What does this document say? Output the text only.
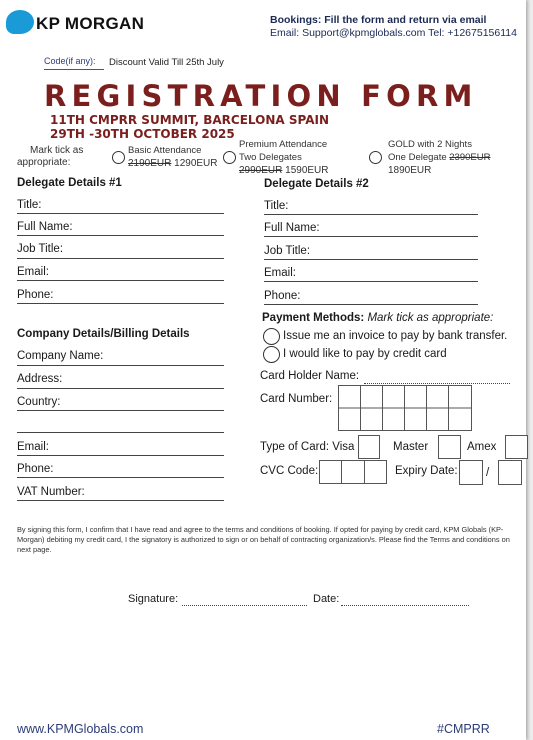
KP MORGAN	Bookings: Fill the form and return via email
Email: Support@kpmglobals.com Tel: +12675156114
Code(if any): Discount Valid Till 25th July
REGISTRATION FORM
11TH CMPRR SUMMIT, BARCELONA SPAIN
29TH -30TH OCTOBER 2025
Mark tick as
appropriate:
Basic Attendance
2190EUR 1290EUR
Premium Attendance
Two Delegates
2990EUR 1590EUR
GOLD with 2 Nights
One Delegate 2390EUR
1890EUR
Delegate Details #1
Title:
Full Name:
Job Title:
Email:
Phone:
Delegate Details #2
Title:
Full Name:
Job Title:
Email:
Phone:
Company Details/Billing Details
Company Name:
Address:
Country:
Email:
Phone:
VAT Number:
Payment Methods: Mark tick as appropriate:
Issue me an invoice to pay by bank transfer.
I would like to pay by credit card
Card Holder Name:
Card Number:
Type of Card: Visa	Master	Amex
CVC Code:	Expiry Date: /
By signing this form, I confirm that I have read and agree to the terms and conditions of booking. If opted for paying by credit card, KPM Globals (KP-Morgan) debiting my credit card, I the signatory is authorized to sign or on behalf of contracting organization/s. Please find the Terms and conditions on next page.
Signature:	Date:
www.KPMGlobals.com	#CMPRR
